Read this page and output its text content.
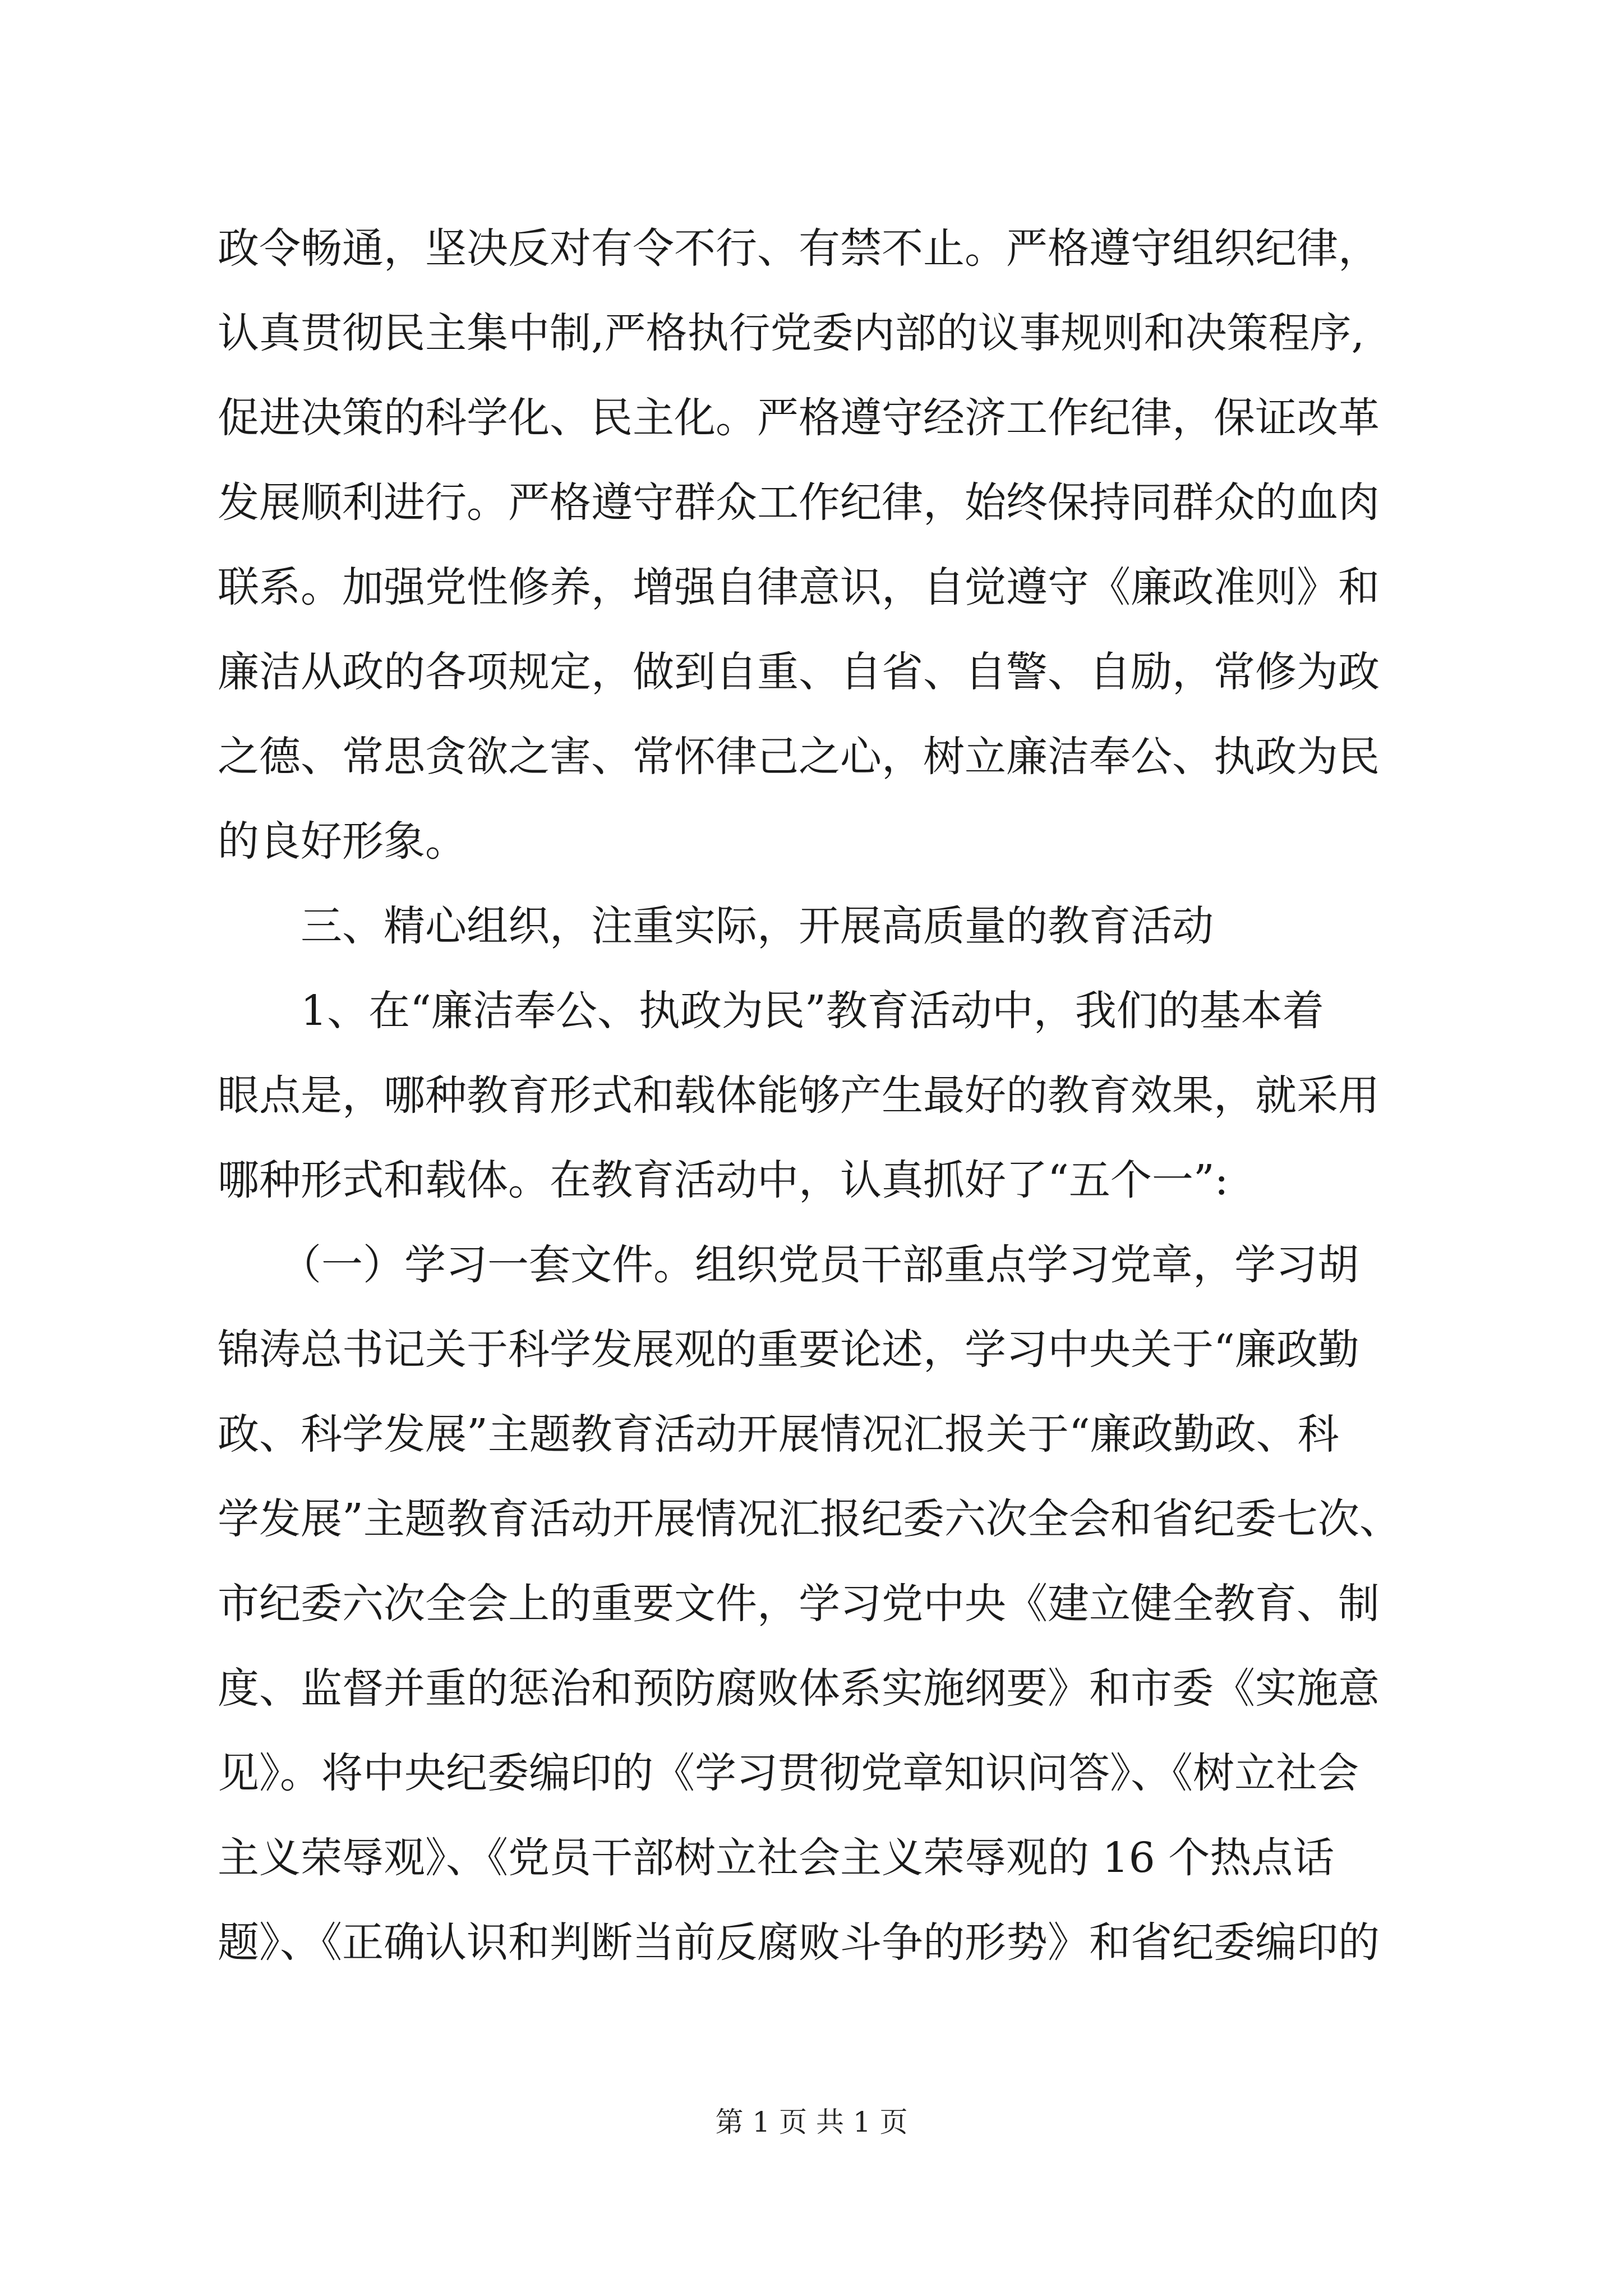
政令畅通，坚决反对有令不行、有禁不止。严格遵守组织纪律，
认真贯彻民主集中制,严格执行党委内部的议事规则和决策程序,
促进决策的科学化、民主化。严格遵守经济工作纪律，保证改革
发展顺利进行。严格遵守群众工作纪律，始终保持同群众的血肉
联系。加强党性修养，增强自律意识，自觉遵守《廉政准则》和
廉洁从政的各项规定，做到自重、自省、自警、自励，常修为政
之德、常思贪欲之害、常怀律己之心，树立廉洁奉公、执政为民
的良好形象。
　　三、精心组织，注重实际，开展高质量的教育活动
　　1、在“廉洁奉公、执政为民”教育活动中，我们的基本着
眼点是，哪种教育形式和载体能够产生最好的教育效果，就采用
哪种形式和载体。在教育活动中，认真抓好了“五个一”:
　　（一）学习一套文件。组织党员干部重点学习党章，学习胡
锦涛总书记关于科学发展观的重要论述，学习中央关于“廉政勤
政、科学发展”主题教育活动开展情况汇报关于“廉政勤政、科
学发展”主题教育活动开展情况汇报纪委六次全会和省纪委七次、
市纪委六次全会上的重要文件，学习党中央《建立健全教育、制
度、监督并重的惩治和预防腐败体系实施纲要》和市委《实施意
见》。将中央纪委编印的《学习贯彻党章知识问答》、《树立社会
主义荣辱观》、《党员干部树立社会主义荣辱观的 16 个热点话
题》、《正确认识和判断当前反腐败斗争的形势》和省纪委编印的
第 1 页 共 1 页
